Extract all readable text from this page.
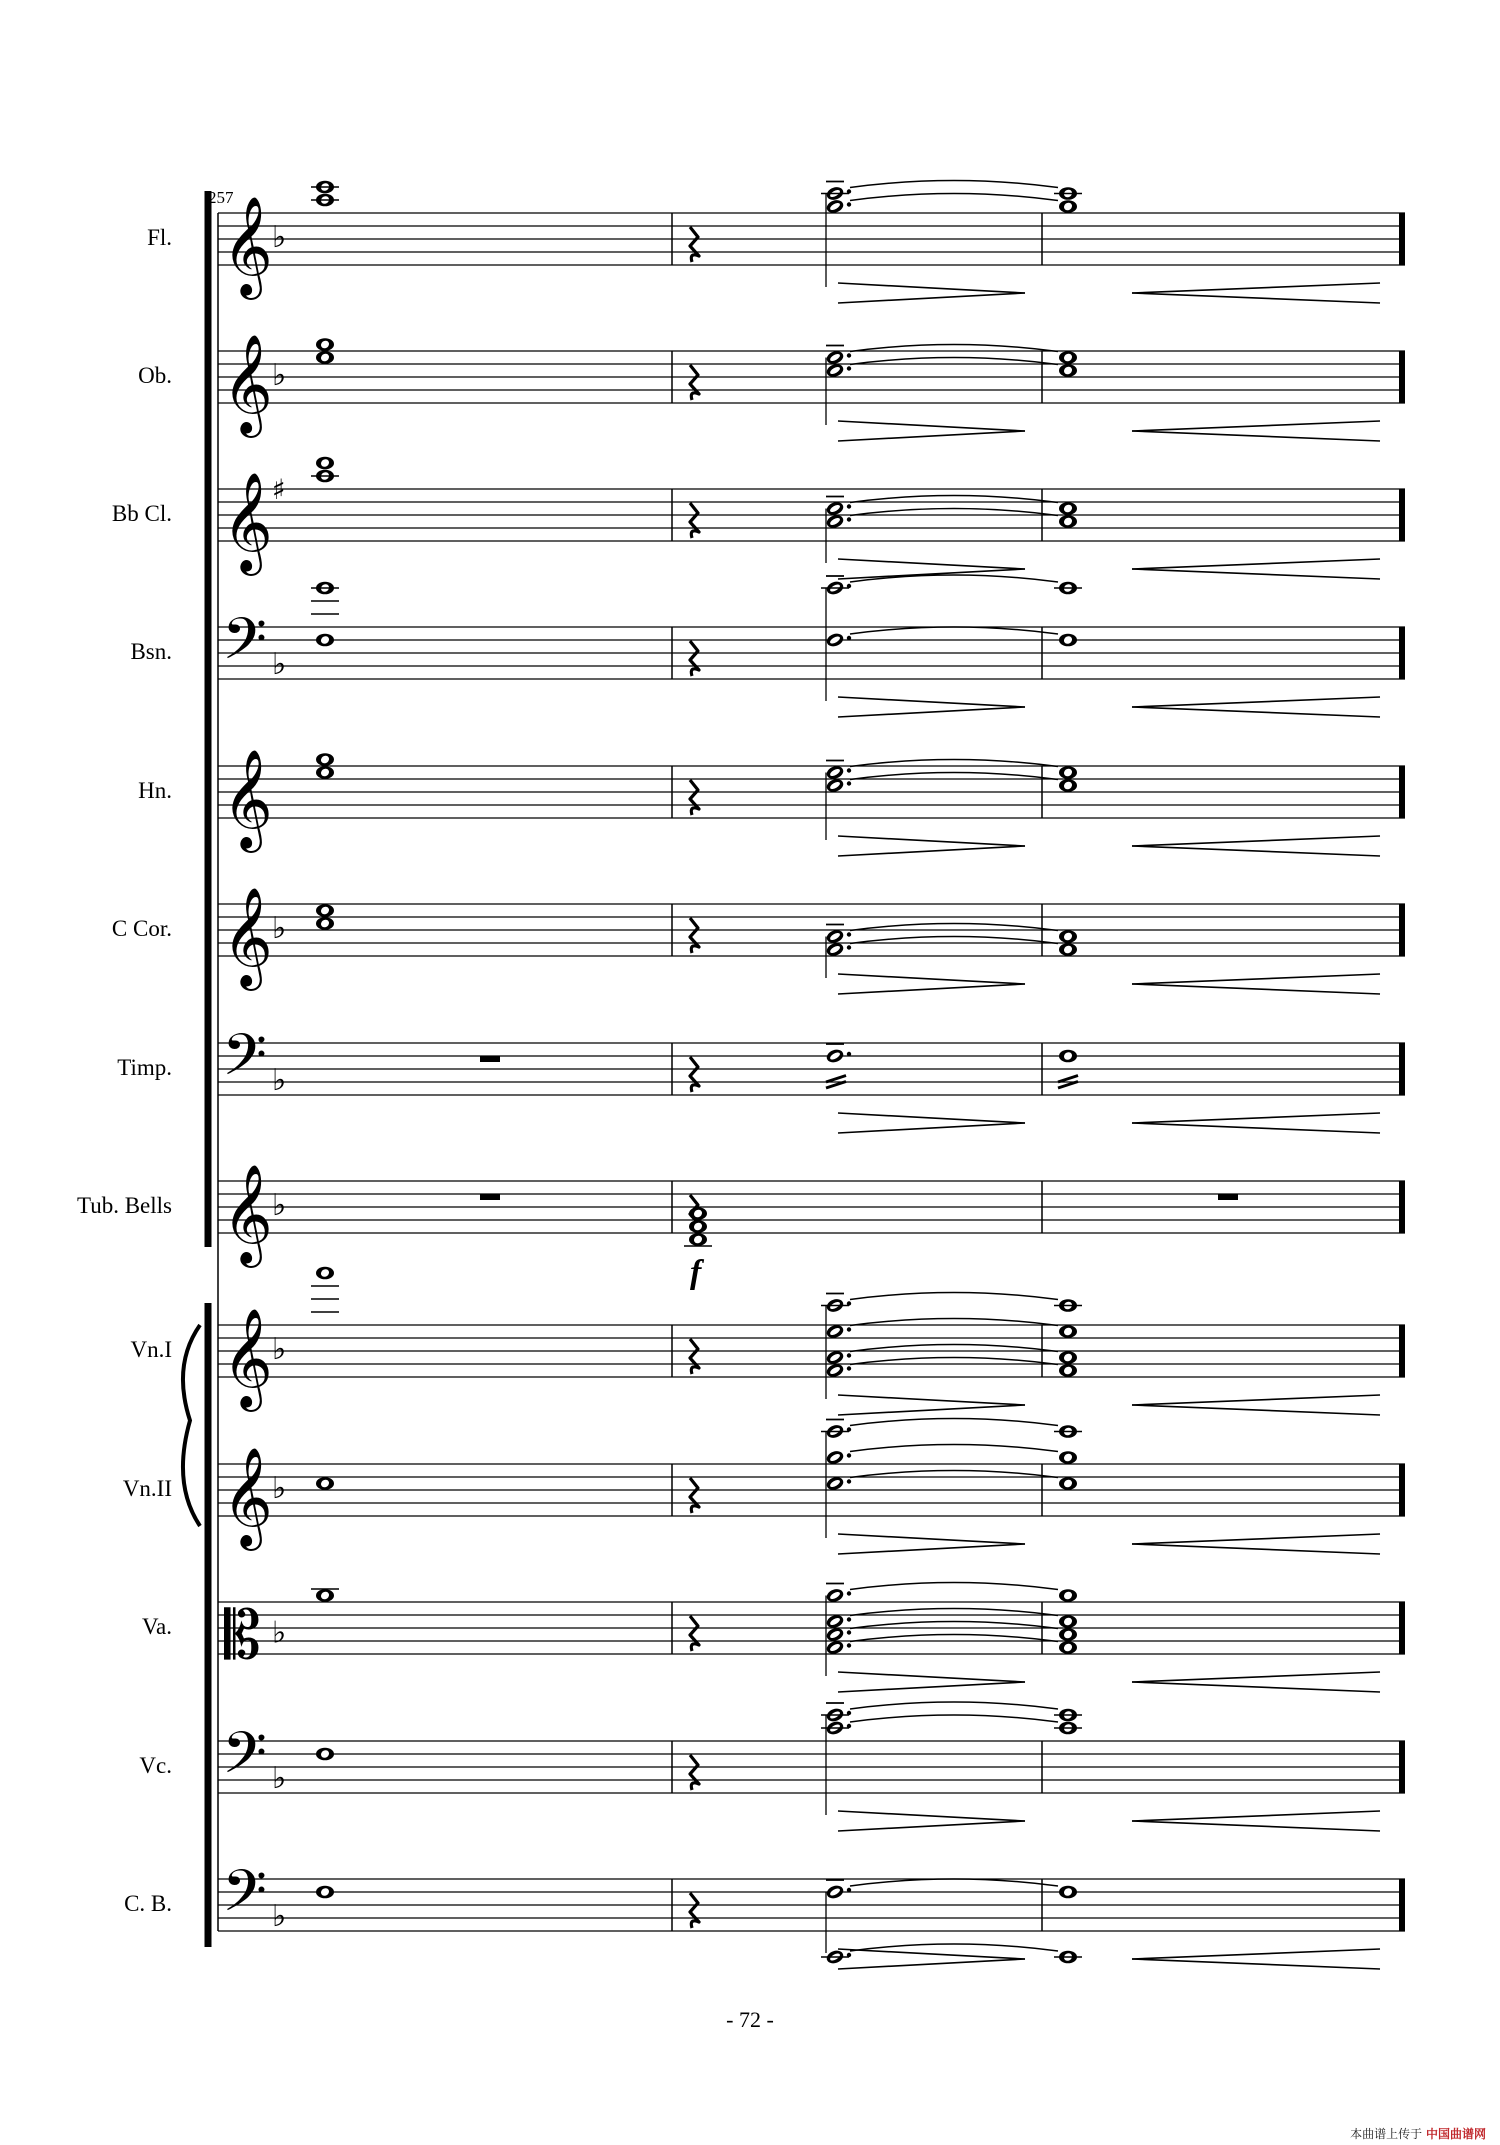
𝄞 ♭
𝄞 ♭
𝄞 ♯
𝄢 ♭
𝄞
𝄞 ♭
𝄢 ♭
𝄞 ♭
𝄞 ♭
𝄞 ♭
𝄡 ♭
𝄢 ♭
𝄢 ♭
f
257
Fl.
Ob.
Bb Cl.
Bsn.
Hn.
C Cor.
Timp.
Tub. Bells
Vn.I
Vn.II
Va.
Vc.
C. B.
- 72 -
本曲谱上传于 中国曲谱网
